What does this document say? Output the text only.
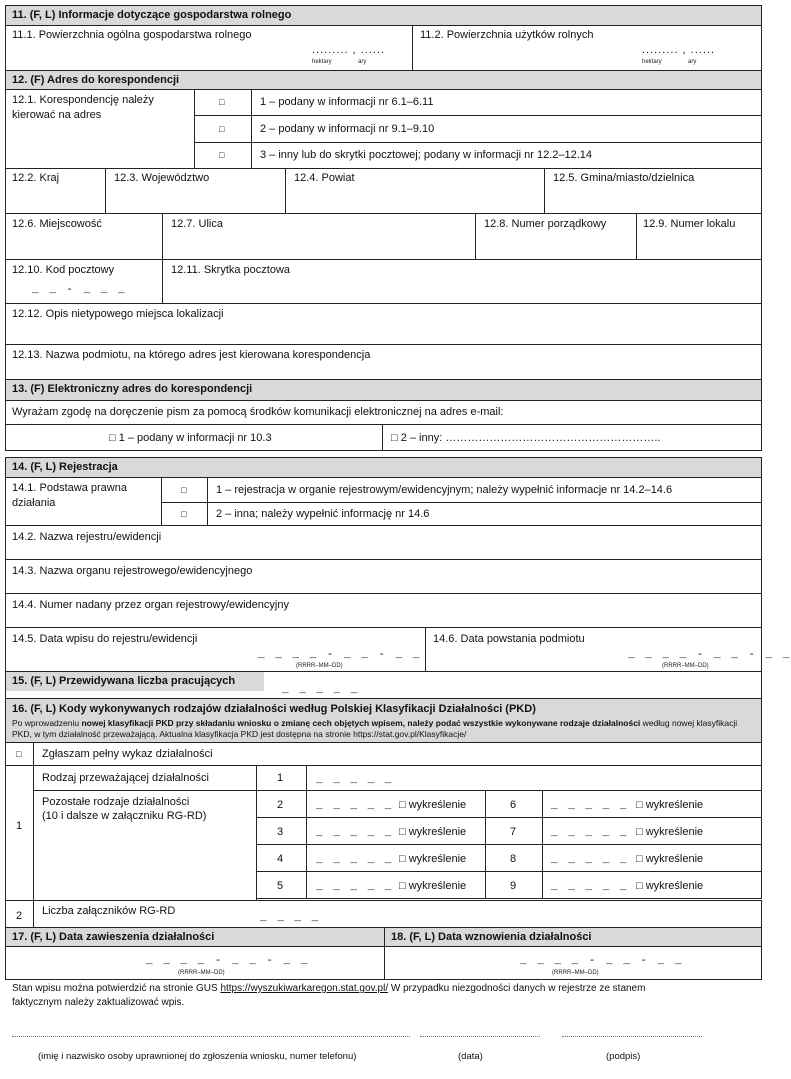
11. (F, L) Informacje dotyczące gospodarstwa rolnego
11.1. Powierzchnia ogólna gospodarstwa rolnego
......... , ......
hektary	ary
11.2. Powierzchnia użytków rolnych
......... , ......
hektary	ary
12. (F) Adres do korespondencji
12.1. Korespondencję należy kierować na adres
□	1 – podany w informacji nr 6.1–6.11
□	2 – podany w informacji nr 9.1–9.10
□	3 – inny lub do skrytki pocztowej; podany w informacji nr 12.2–12.14
12.2. Kraj	12.3. Województwo	12.4. Powiat	12.5. Gmina/miasto/dzielnica
12.6. Miejscowość	12.7. Ulica	12.8. Numer porządkowy	12.9. Numer lokalu
12.10. Kod pocztowy
_ _ - _ _ _
12.11. Skrytka pocztowa
12.12. Opis nietypowego miejsca lokalizacji
12.13. Nazwa podmiotu, na którego adres jest kierowana korespondencja
13. (F) Elektroniczny adres do korespondencji
Wyrażam zgodę na doręczenie pism za pomocą środków komunikacji elektronicznej na adres e-mail:
□ 1 – podany w informacji nr 10.3	□ 2 – inny: …………………………………………………..
14. (F, L) Rejestracja
14.1. Podstawa prawna działania
□	1 – rejestracja w organie rejestrowym/ewidencyjnym; należy wypełnić informacje nr 14.2–14.6
□	2 – inna; należy wypełnić informację nr 14.6
14.2. Nazwa rejestru/ewidencji
14.3. Nazwa organu rejestrowego/ewidencyjnego
14.4. Numer nadany przez organ rejestrowy/ewidencyjny
14.5. Data wpisu do rejestru/ewidencji
_ _ _ _ - _ _ - _ _
(RRRR–MM–DD)
14.6. Data powstania podmiotu
_ _ _ _ - _ _ - _ _
(RRRR–MM–DD)
15. (F, L) Przewidywana liczba pracujących
_ _ _ _ _
16. (F, L) Kody wykonywanych rodzajów działalności według Polskiej Klasyfikacji Działalności (PKD)
Po wprowadzeniu nowej klasyfikacji PKD przy składaniu wniosku o zmianę cech objętych wpisem, należy podać wszystkie wykonywane rodzaje działalności według nowej klasyfikacji
PKD, w tym działalność przeważającą. Aktualna klasyfikacja PKD jest dostępna na stronie https://stat.gov.pl/Klasyfikacje/
□ Zgłaszam pełny wykaz działalności
1
Rodzaj przeważającej działalności	1	_ _ _ _ _
Pozostałe rodzaje działalności
(10 i dalsze w załączniku RG-RD)
2	_ _ _ _ _ □ wykreślenie	6	_ _ _ _ _ □ wykreślenie
3	_ _ _ _ _ □ wykreślenie	7	_ _ _ _ _ □ wykreślenie
4	_ _ _ _ _ □ wykreślenie	8	_ _ _ _ _ □ wykreślenie
5	_ _ _ _ _ □ wykreślenie	9	_ _ _ _ _ □ wykreślenie
2 Liczba załączników RG-RD
_ _ _ _
17. (F, L) Data zawieszenia działalności	18. (F, L) Data wznowienia działalności
_ _ _ _ - _ _ - _ _
(RRRR–MM–DD)
_ _ _ _ - _ _ - _ _
(RRRR–MM–DD)
Stan wpisu można potwierdzić na stronie GUS https://wyszukiwarkaregon.stat.gov.pl/ W przypadku niezgodności danych w rejestrze ze stanem
faktycznym należy zaktualizować wpis.
(imię i nazwisko osoby uprawnionej do zgłoszenia wniosku, numer telefonu)	(data)	(podpis)
